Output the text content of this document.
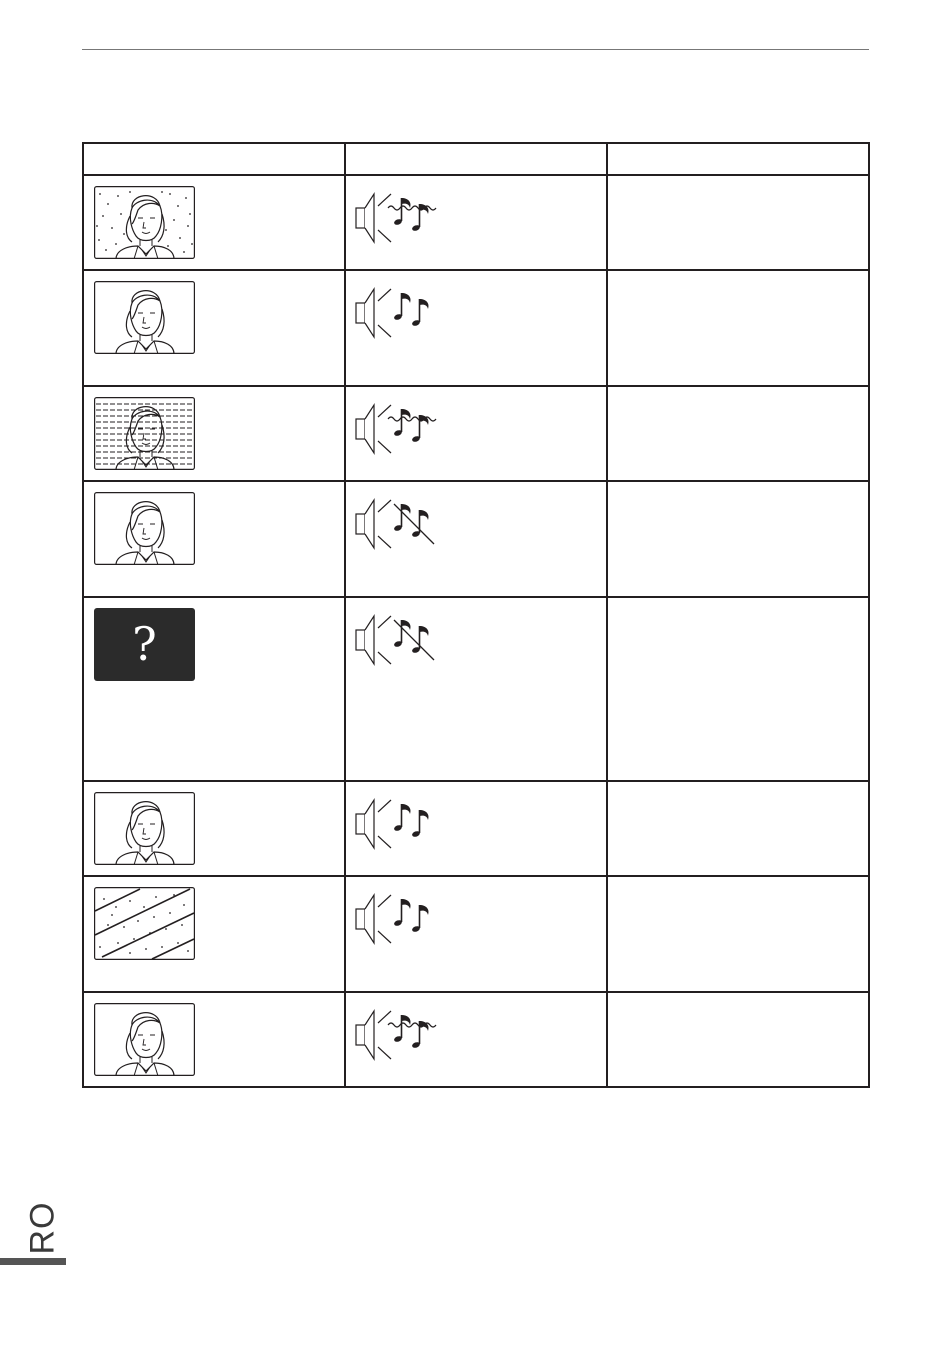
?

RO
